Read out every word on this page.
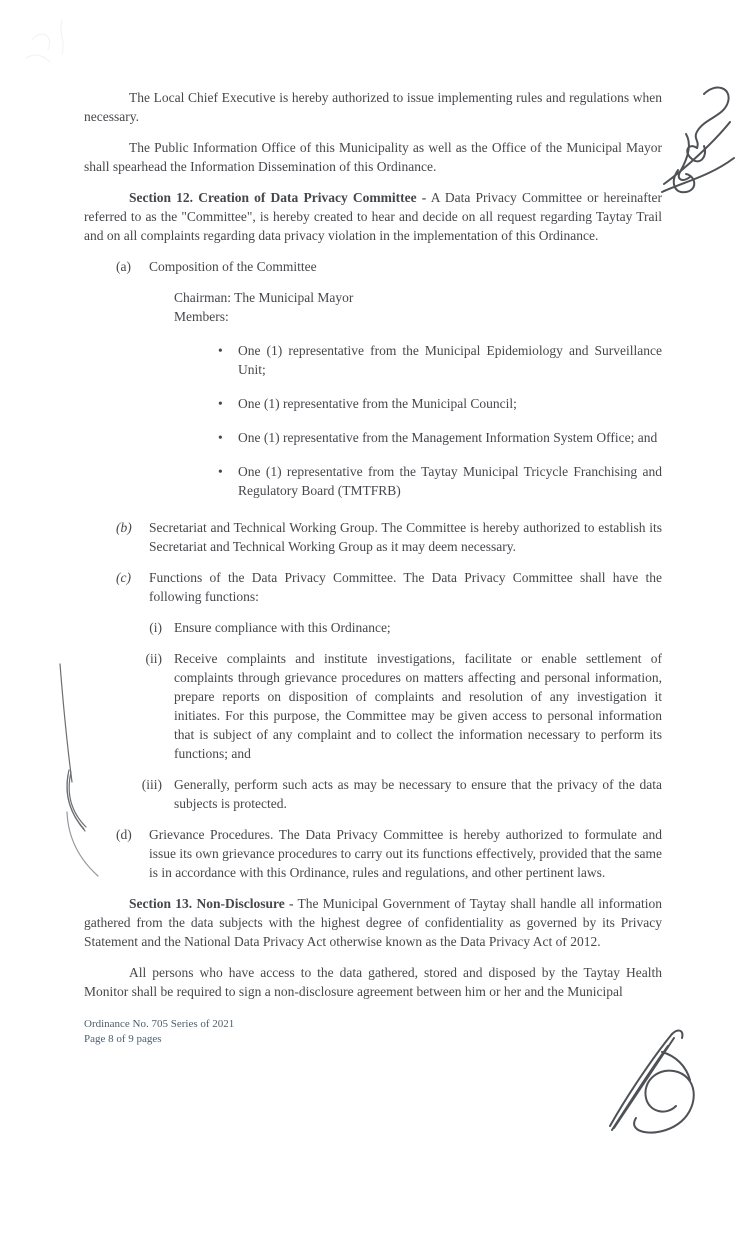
The Local Chief Executive is hereby authorized to issue implementing rules and regulations when necessary.

The Public Information Office of this Municipality as well as the Office of the Municipal Mayor shall spearhead the Information Dissemination of this Ordinance.

Section 12. Creation of Data Privacy Committee - A Data Privacy Committee or hereinafter referred to as the "Committee", is hereby created to hear and decide on all request regarding Taytay Trail and on all complaints regarding data privacy violation in the implementation of this Ordinance.

(a)	Composition of the Committee
Chairman: The Municipal Mayor
Members:
•	One (1) representative from the Municipal Epidemiology and Surveillance Unit;
•	One (1) representative from the Municipal Council;
•	One (1) representative from the Management Information System Office; and
•	One (1) representative from the Taytay Municipal Tricycle Franchising and Regulatory Board (TMTFRB)
(b)	Secretariat and Technical Working Group. The Committee is hereby authorized to establish its Secretariat and Technical Working Group as it may deem necessary.
(c)	Functions of the Data Privacy Committee. The Data Privacy Committee shall have the following functions:
(i) Ensure compliance with this Ordinance;
(ii) Receive complaints and institute investigations, facilitate or enable settlement of complaints through grievance procedures on matters affecting and personal information, prepare reports on disposition of complaints and resolution of any investigation it initiates. For this purpose, the Committee may be given access to personal information that is subject of any complaint and to collect the information necessary to perform its functions; and
(iii) Generally, perform such acts as may be necessary to ensure that the privacy of the data subjects is protected.
(d)	Grievance Procedures. The Data Privacy Committee is hereby authorized to formulate and issue its own grievance procedures to carry out its functions effectively, provided that the same is in accordance with this Ordinance, rules and regulations, and other pertinent laws.

Section 13. Non-Disclosure - The Municipal Government of Taytay shall handle all information gathered from the data subjects with the highest degree of confidentiality as governed by its Privacy Statement and the National Data Privacy Act otherwise known as the Data Privacy Act of 2012.

All persons who have access to the data gathered, stored and disposed by the Taytay Health Monitor shall be required to sign a non-disclosure agreement between him or her and the Municipal

Ordinance No. 705 Series of 2021
Page 8 of 9 pages
